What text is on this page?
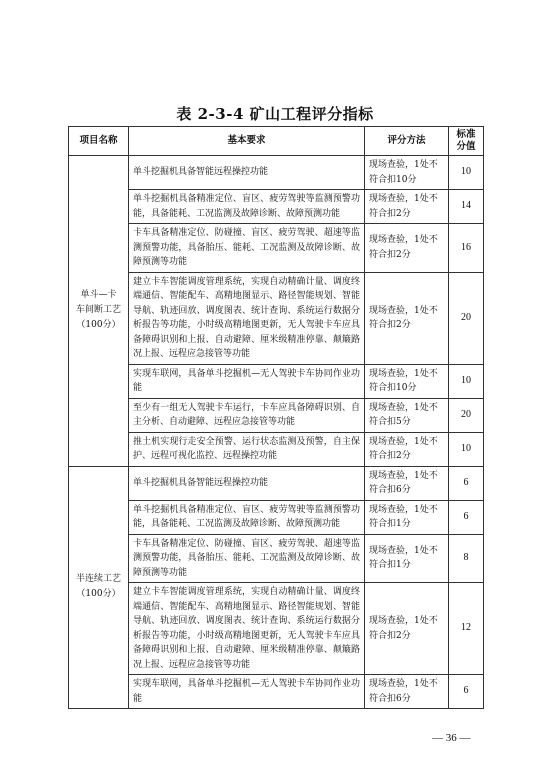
表 2-3-4 矿山工程评分指标
项目名称	基本要求	评分方法	标准
分值
单斗—卡
车间断工艺
（100分）	单斗挖掘机具备智能远程操控功能	现场查验，1处不
符合扣10分	10
	单斗挖掘机具备精准定位、盲区、疲劳驾驶等监测预警功能，具备能耗、工况监测及故障诊断、故障预测功能	现场查验，1处不
符合扣2分	14
	卡车具备精准定位、防碰撞、盲区、疲劳驾驶、超速等监测预警功能，具备胎压、能耗、工况监测及故障诊断、故障预测等功能	现场查验，1处不
符合扣2分	16
	建立卡车智能调度管理系统，实现自动精确计量、调度终端通信、智能配车、高精地图显示、路径智能规划、智能导航、轨迹回放、调度图表、统计查询、系统运行数据分析报告等功能，小时级高精地图更新，无人驾驶卡车应具备障碍识别和上报、自动避障、厘米级精准停靠、颠簸路况上报、远程应急接管等功能	现场查验，1处不
符合扣2分	20
	实现车联网，具备单斗挖掘机—无人驾驶卡车协同作业功能	现场查验，1处不
符合扣10分	10
	至少有一组无人驾驶卡车运行，卡车应具备障碍识别、自主分析、自动避障、远程应急接管等功能	现场查验，1处不
符合扣5分	20
	推土机实现行走安全预警、运行状态监测及预警，自主保护、远程可视化监控、远程操控功能	现场查验，1处不
符合扣2分	10
半连续工艺
（100分）	单斗挖掘机具备智能远程操控功能	现场查验，1处不
符合扣6分	6
	单斗挖掘机具备精准定位、盲区、疲劳驾驶等监测预警功能，具备能耗、工况监测及故障诊断、故障预测功能	现场查验，1处不
符合扣1分	6
	卡车具备精准定位、防碰撞、盲区、疲劳驾驶、超速等监测预警功能，具备胎压、能耗、工况监测及故障诊断、故障预测等功能	现场查验，1处不
符合扣1分	8
	建立卡车智能调度管理系统，实现自动精确计量、调度终端通信、智能配车、高精地图显示、路径智能规划、智能导航、轨迹回放、调度图表、统计查询、系统运行数据分析报告等功能，小时级高精地图更新，无人驾驶卡车应具备障碍识别和上报、自动避障、厘米级精准停靠、颠簸路况上报、远程应急接管等功能	现场查验，1处不
符合扣2分	12
	实现车联网，具备单斗挖掘机—无人驾驶卡车协同作业功能	现场查验，1处不
符合扣6分	6
— 36 —
